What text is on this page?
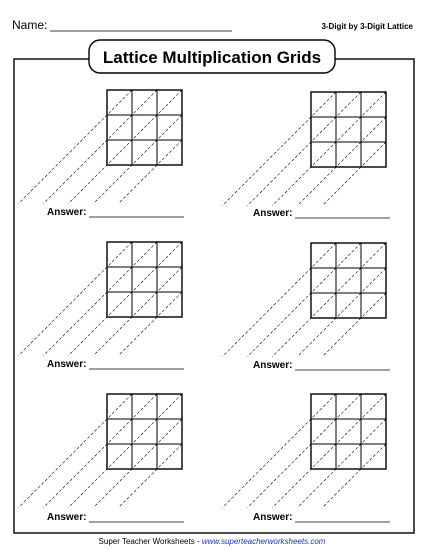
Name:	3-Digit by 3-Digit Lattice
Lattice Multiplication Grids
Answer:	Answer:
Answer:	Answer:
Answer:	Answer:
Super Teacher Worksheets - www.superteacherworksheets.com
